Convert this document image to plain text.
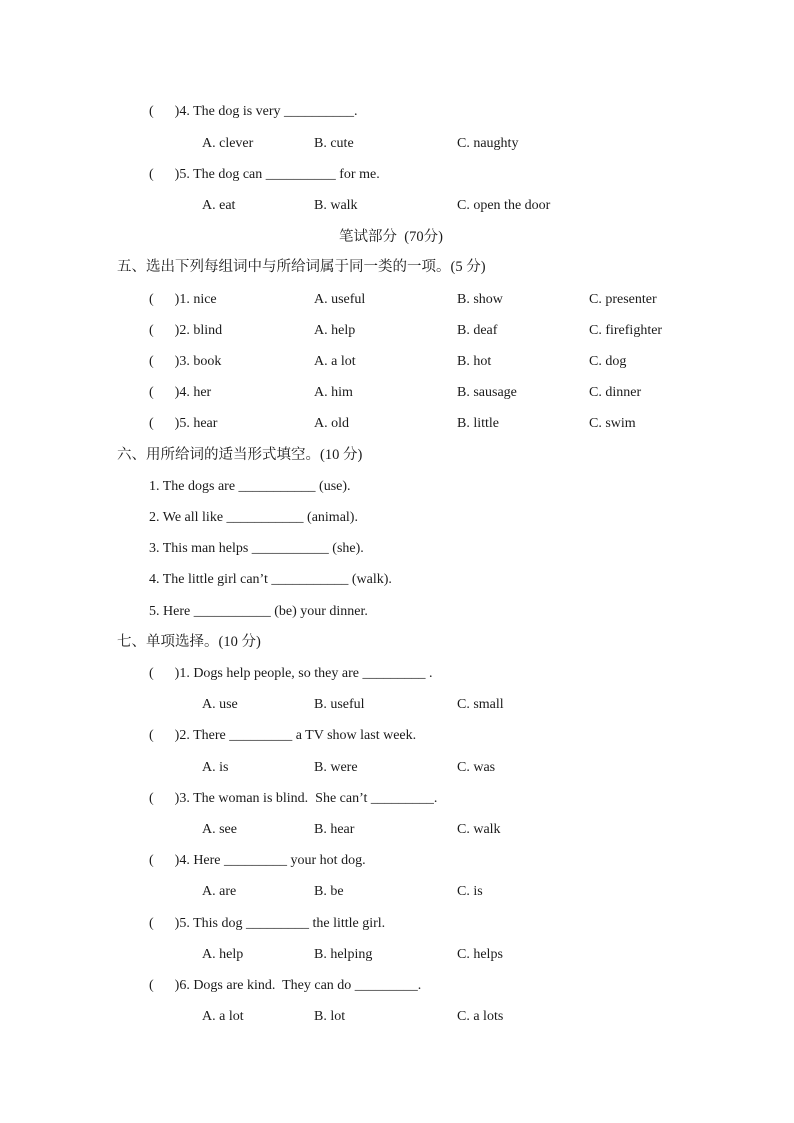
(      )4. The dog is very __________.
A. clever	B. cute	C. naughty
(      )5. The dog can __________ for me.
A. eat	B. walk	C. open the door
笔试部分  (70分)
五、选出下列每组词中与所给词属于同一类的一项。(5 分)
(      )1. nice	A. useful	B. show	C. presenter
(      )2. blind	A. help	B. deaf	C. firefighter
(      )3. book	A. a lot	B. hot	C. dog
(      )4. her	A. him	B. sausage	C. dinner
(      )5. hear	A. old	B. little	C. swim
六、用所给词的适当形式填空。(10 分)
1. The dogs are ___________ (use).
2. We all like ___________ (animal).
3. This man helps ___________ (she).
4. The little girl can’t ___________ (walk).
5. Here ___________ (be) your dinner.
七、单项选择。(10 分)
(      )1. Dogs help people, so they are _________ .
A. use	B. useful	C. small
(      )2. There _________ a TV show last week.
A. is	B. were	C. was
(      )3. The woman is blind.  She can’t _________.
A. see	B. hear	C. walk
(      )4. Here _________ your hot dog.
A. are	B. be	C. is
(      )5. This dog _________ the little girl.
A. help	B. helping	C. helps
(      )6. Dogs are kind.  They can do _________.
A. a lot	B. lot	C. a lots
